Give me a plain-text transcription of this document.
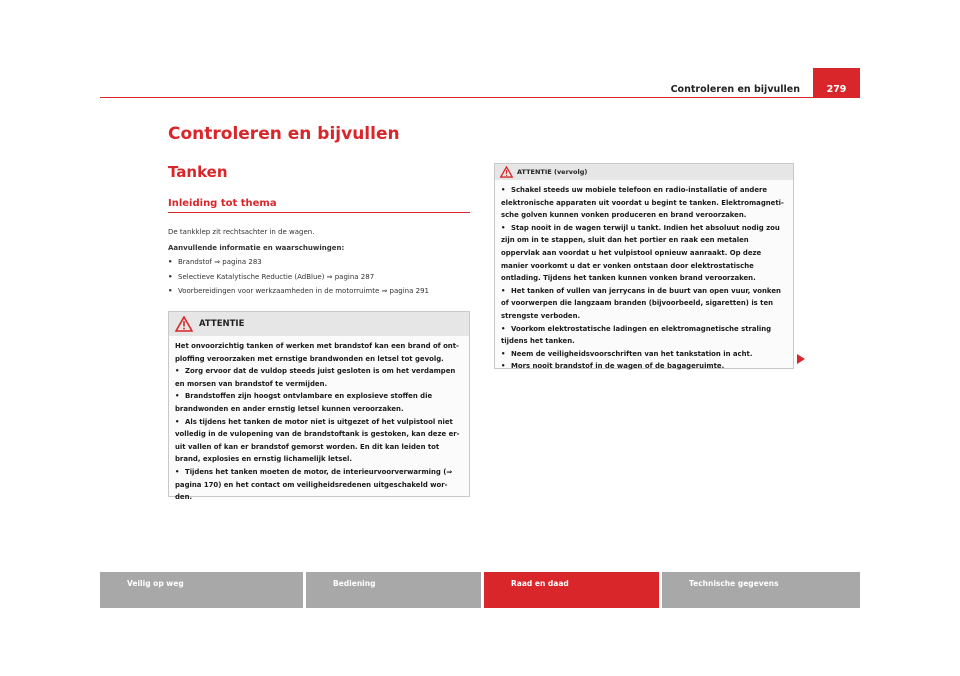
Controleren en bijvullen	279
Controleren en bijvullen
Tanken
Inleiding tot thema
De tankklep zit rechtsachter in de wagen.
Aanvullende informatie en waarschuwingen:
• Brandstof ⇒ pagina 283
• Selectieve Katalytische Reductie (AdBlue) ⇒ pagina 287
• Voorbereidingen voor werkzaamheden in de motorruimte ⇒ pagina 291
ATTENTIE

Het onvoorzichtig tanken of werken met brandstof kan een brand of ont-ploffing veroorzaken met ernstige brandwonden en letsel tot gevolg.

• Zorg ervoor dat de vuldop steeds juist gesloten is om het verdampen en morsen van brandstof te vermijden.

• Brandstoffen zijn hoogst ontvlambare en explosieve stoffen die brandwonden en ander ernstig letsel kunnen veroorzaken.

• Als tijdens het tanken de motor niet is uitgezet of het vulpistool niet volledig in de vulopening van de brandstoftank is gestoken, kan deze er-uit vallen of kan er brandstof gemorst worden. En dit kan leiden tot brand, explosies en ernstig lichamelijk letsel.

• Tijdens het tanken moeten de motor, de interieurvoorverwarming (⇒ pagina 170) en het contact om veiligheidsredenen uitgeschakeld wor-den.

ATTENTIE (vervolg)

• Schakel steeds uw mobiele telefoon en radio-installatie of andere elektronische apparaten uit voordat u begint te tanken. Elektromagneti-sche golven kunnen vonken produceren en brand veroorzaken.

• Stap nooit in de wagen terwijl u tankt. Indien het absoluut nodig zou zijn om in te stappen, sluit dan het portier en raak een metalen oppervlak aan voordat u het vulpistool opnieuw aanraakt. Op deze manier voorkomt u dat er vonken ontstaan door elektrostatische ontlading. Tijdens het tanken kunnen vonken brand veroorzaken.

• Het tanken of vullen van jerrycans in de buurt van open vuur, vonken of voorwerpen die langzaam branden (bijvoorbeeld, sigaretten) is ten strengste verboden.

• Voorkom elektrostatische ladingen en elektromagnetische straling tijdens het tanken.

• Neem de veiligheidsvoorschriften van het tankstation in acht.

• Mors nooit brandstof in de wagen of de bagageruimte.

Veilig op weg	Bediening	Raad en daad	Technische gegevens
